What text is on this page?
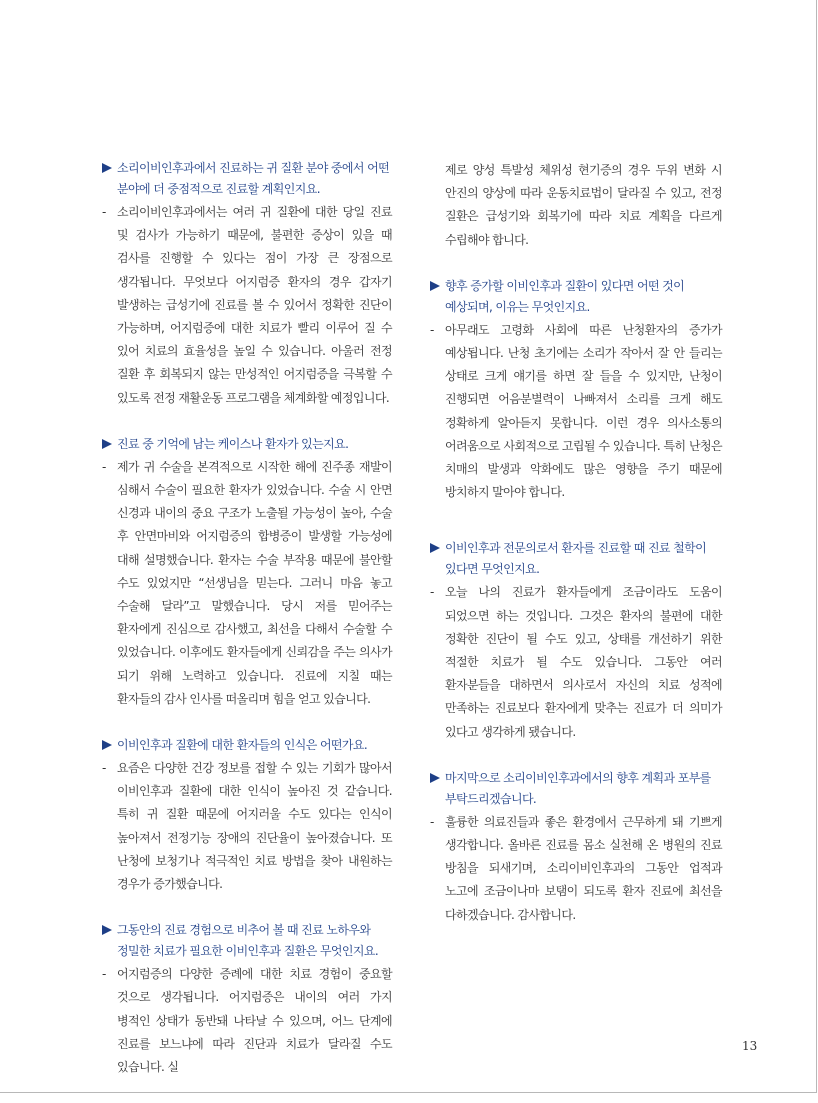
소리이비인후과에서 진료하는 귀 질환 분야 중에서 어떤 분야에 더 중점적으로 진료할 계획인지요.
- 소리이비인후과에서는 여러 귀 질환에 대한 당일 진료 및 검사가 가능하기 때문에, 불편한 증상이 있을 때 검사를 진행할 수 있다는 점이 가장 큰 장점으로 생각됩니다. 무엇보다 어지럼증 환자의 경우 갑자기 발생하는 급성기에 진료를 볼 수 있어서 정확한 진단이 가능하며, 어지럼증에 대한 치료가 빨리 이루어 질 수 있어 치료의 효율성을 높일 수 있습니다. 아울러 전정 질환 후 회복되지 않는 만성적인 어지럼증을 극복할 수 있도록 전정 재활운동 프로그램을 체계화할 예정입니다.
진료 중 기억에 남는 케이스나 환자가 있는지요.
- 제가 귀 수술을 본격적으로 시작한 해에 진주종 재발이 심해서 수술이 필요한 환자가 있었습니다. 수술 시 안면 신경과 내이의 중요 구조가 노출될 가능성이 높아, 수술 후 안면마비와 어지럼증의 합병증이 발생할 가능성에 대해 설명했습니다. 환자는 수술 부작용 때문에 불안할 수도 있었지만 “선생님을 믿는다. 그러니 마음 놓고 수술해 달라”고 말했습니다. 당시 저를 믿어주는 환자에게 진심으로 감사했고, 최선을 다해서 수술할 수 있었습니다. 이후에도 환자들에게 신뢰감을 주는 의사가 되기 위해 노력하고 있습니다. 진료에 지칠 때는 환자들의 감사 인사를 떠올리며 힘을 얻고 있습니다.
이비인후과 질환에 대한 환자들의 인식은 어떤가요.
- 요즘은 다양한 건강 정보를 접할 수 있는 기회가 많아서 이비인후과 질환에 대한 인식이 높아진 것 같습니다. 특히 귀 질환 때문에 어지러울 수도 있다는 인식이 높아져서 전정기능 장애의 진단율이 높아졌습니다. 또 난청에 보청기나 적극적인 치료 방법을 찾아 내원하는 경우가 증가했습니다.
그동안의 진료 경험으로 비추어 볼 때 진료 노하우와 정밀한 치료가 필요한 이비인후과 질환은 무엇인지요.
- 어지럼증의 다양한 증례에 대한 치료 경험이 중요할 것으로 생각됩니다. 어지럼증은 내이의 여러 가지 병적인 상태가 동반돼 나타날 수 있으며, 어느 단계에 진료를 보느냐에 따라 진단과 치료가 달라질 수도 있습니다. 실
제로 양성 특발성 체위성 현기증의 경우 두위 변화 시 안진의 양상에 따라 운동치료법이 달라질 수 있고, 전정 질환은 급성기와 회복기에 따라 치료 계획을 다르게 수립해야 합니다.
향후 증가할 이비인후과 질환이 있다면 어떤 것이 예상되며, 이유는 무엇인지요.
- 아무래도 고령화 사회에 따른 난청환자의 증가가 예상됩니다. 난청 초기에는 소리가 작아서 잘 안 들리는 상태로 크게 얘기를 하면 잘 들을 수 있지만, 난청이 진행되면 어음분별력이 나빠져서 소리를 크게 해도 정확하게 알아듣지 못합니다. 이런 경우 의사소통의 어려움으로 사회적으로 고립될 수 있습니다. 특히 난청은 치매의 발생과 악화에도 많은 영향을 주기 때문에 방치하지 말아야 합니다.
이비인후과 전문의로서 환자를 진료할 때 진료 철학이 있다면 무엇인지요.
- 오늘 나의 진료가 환자들에게 조금이라도 도움이 되었으면 하는 것입니다. 그것은 환자의 불편에 대한 정확한 진단이 될 수도 있고, 상태를 개선하기 위한 적절한 치료가 될 수도 있습니다. 그동안 여러 환자분들을 대하면서 의사로서 자신의 치료 성적에 만족하는 진료보다 환자에게 맞추는 진료가 더 의미가 있다고 생각하게 됐습니다.
마지막으로 소리이비인후과에서의 향후 계획과 포부를 부탁드리겠습니다.
- 훌륭한 의료진들과 좋은 환경에서 근무하게 돼 기쁘게 생각합니다. 올바른 진료를 몸소 실천해 온 병원의 진료 방침을 되새기며, 소리이비인후과의 그동안 업적과 노고에 조금이나마 보탬이 되도록 환자 진료에 최선을 다하겠습니다. 감사합니다.
13
